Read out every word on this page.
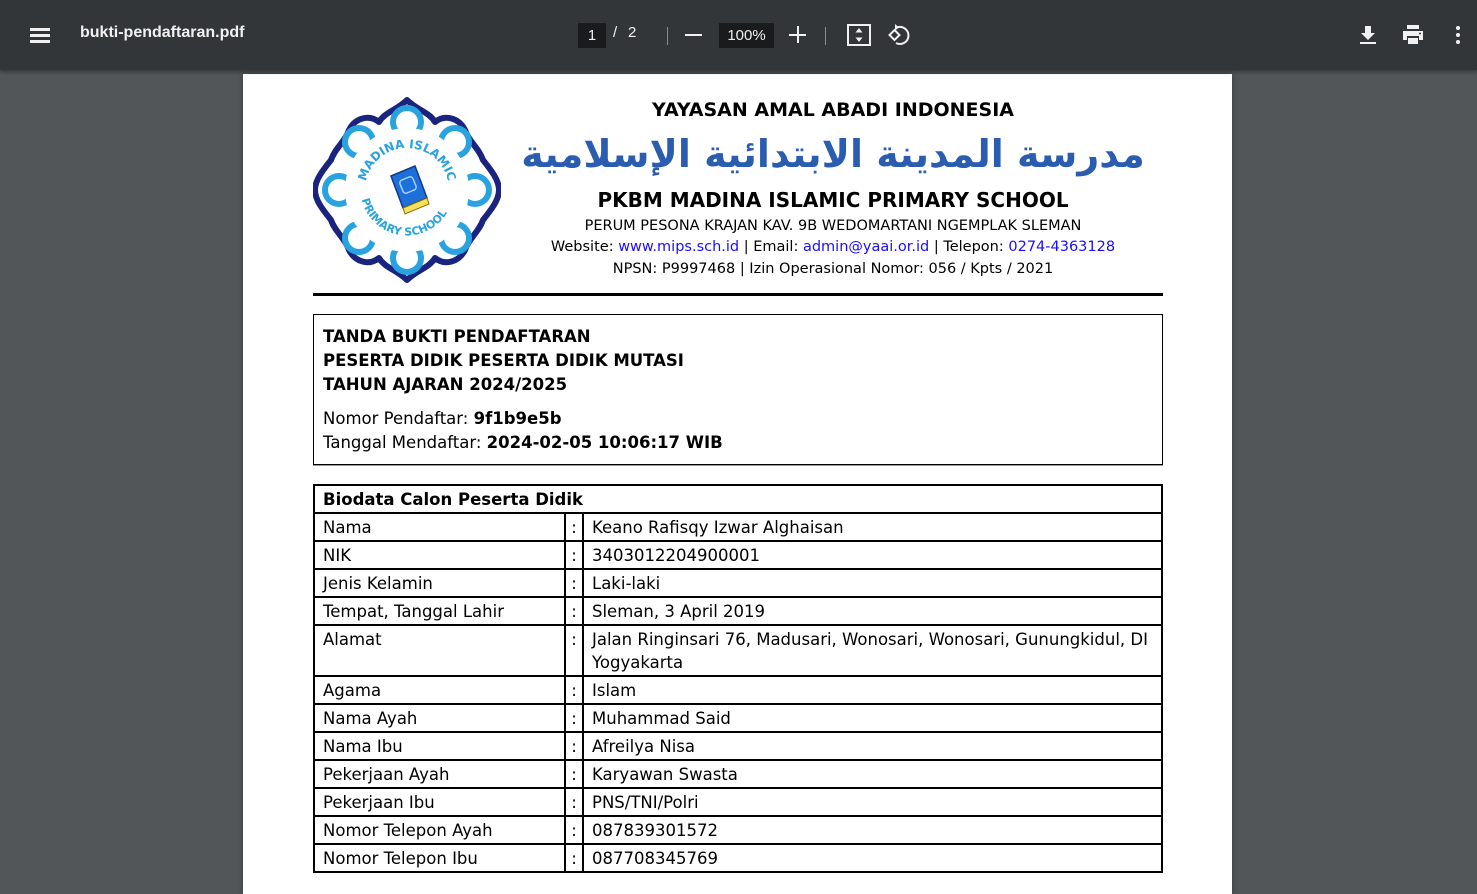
bukti-pendaftaran.pdf	1	/ 2	100%
MADINA ISLAMIC
PRIMARY SCHOOL
YAYASAN AMAL ABADI INDONESIA
مدرسة المدينة الابتدائية الإسلامية
PKBM MADINA ISLAMIC PRIMARY SCHOOL
PERUM PESONA KRAJAN KAV. 9B WEDOMARTANI NGEMPLAK SLEMAN
Website: www.mips.sch.id | Email: admin@yaai.or.id | Telepon: 0274-4363128
NPSN: P9997468 | Izin Operasional Nomor: 056 / Kpts / 2021
TANDA BUKTI PENDAFTARAN
PESERTA DIDIK PESERTA DIDIK MUTASI
TAHUN AJARAN 2024/2025
Nomor Pendaftar: 9f1b9e5b
Tanggal Mendaftar: 2024-02-05 10:06:17 WIB
Biodata Calon Peserta Didik		
Nama	:	Keano Rafisqy Izwar Alghaisan
NIK	:	3403012204900001
Jenis Kelamin	:	Laki-laki
Tempat, Tanggal Lahir	:	Sleman, 3 April 2019
Alamat	:	Jalan Ringinsari 76, Madusari, Wonosari, Wonosari, Gunungkidul, DI Yogyakarta
Agama	:	Islam
Nama Ayah	:	Muhammad Said
Nama Ibu	:	Afreilya Nisa
Pekerjaan Ayah	:	Karyawan Swasta
Pekerjaan Ibu	:	PNS/TNI/Polri
Nomor Telepon Ayah	:	087839301572
Nomor Telepon Ibu	:	087708345769
